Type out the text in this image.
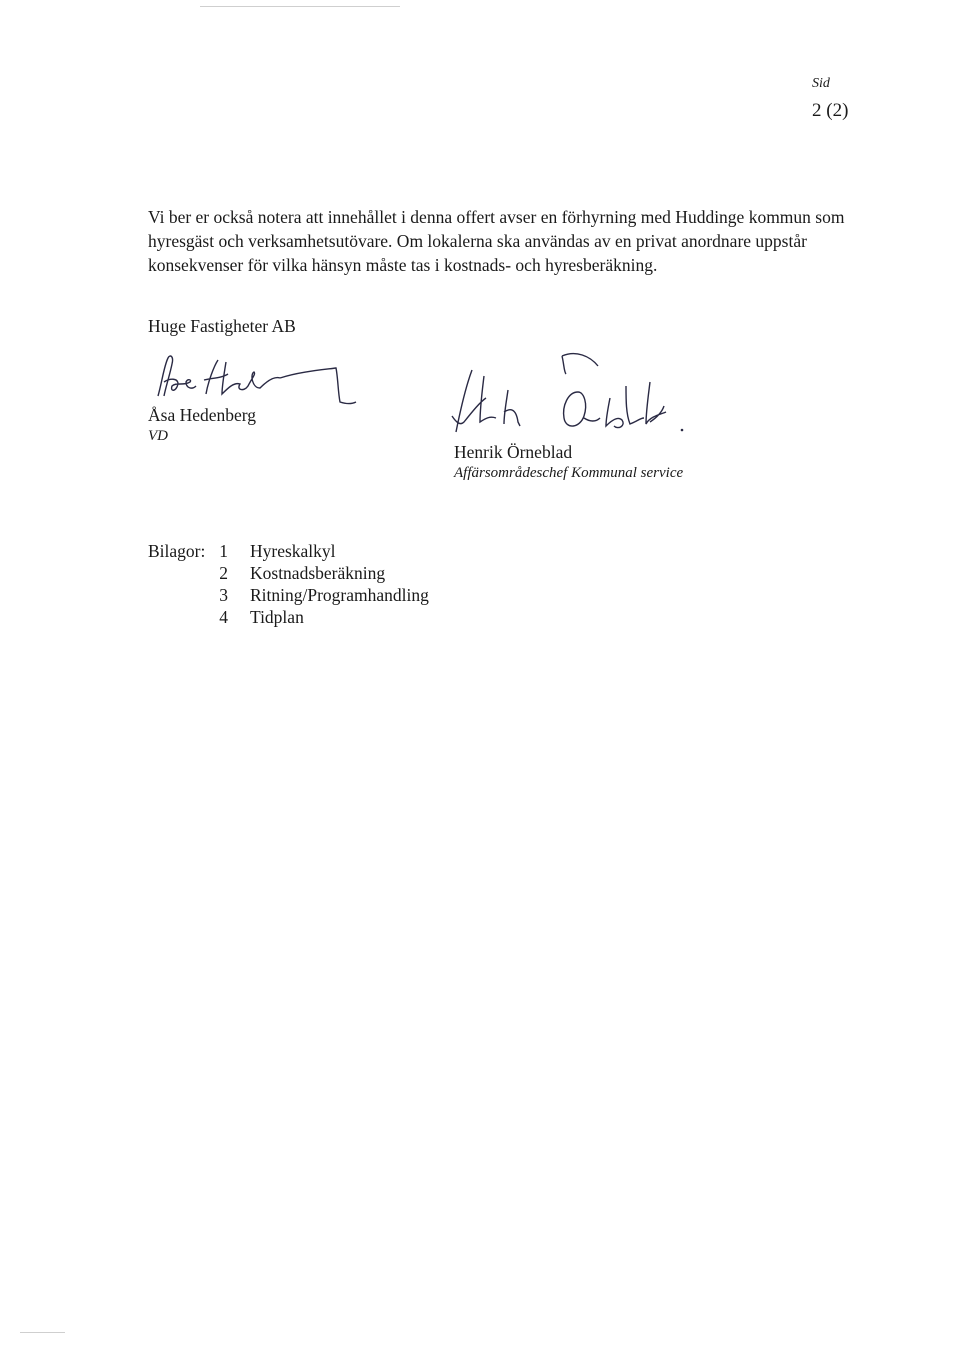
Sid
2 (2)

Vi ber er också notera att innehållet i denna offert avser en förhyrning med Huddinge kommun som hyresgäst och verksamhetsutövare. Om lokalerna ska användas av en privat anordnare uppstår konsekvenser för vilka hänsyn måste tas i kostnads- och hyresberäkning.

Huge Fastigheter AB
Åsa Hedenberg
VD
Henrik Örneblad
Affärsområdeschef Kommunal service
Bilagor: 1 Hyreskalkyl
2 Kostnadsberäkning
3 Ritning/Programhandling
4 Tidplan
